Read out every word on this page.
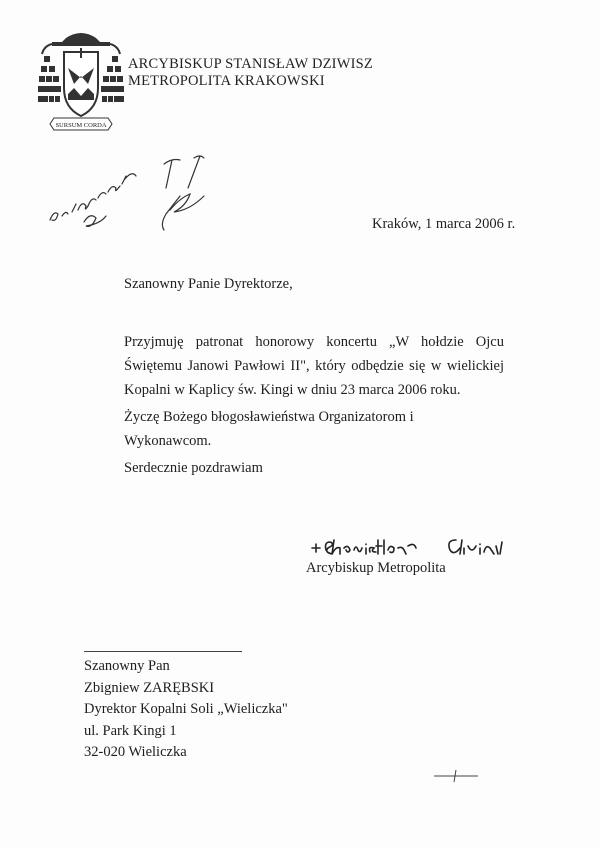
SURSUM CORDA
ARCYBISKUP STANISŁAW DZIWISZ
METROPOLITA KRAKOWSKI
Kraków, 1 marca 2006 r.
Szanowny Panie Dyrektorze,

Przyjmuję patronat honorowy koncertu „W hołdzie Ojcu Świętemu Janowi Pawłowi II", który odbędzie się w wielickiej Kopalni w Kaplicy św. Kingi w dniu 23 marca 2006 roku.

Życzę Bożego błogosławieństwa Organizatorom i Wykonawcom.

Serdecznie pozdrawiam

Arcybiskup Metropolita
Szanowny Pan
Zbigniew ZARĘBSKI
Dyrektor Kopalni Soli „Wieliczka"
ul. Park Kingi 1
32-020 Wieliczka
